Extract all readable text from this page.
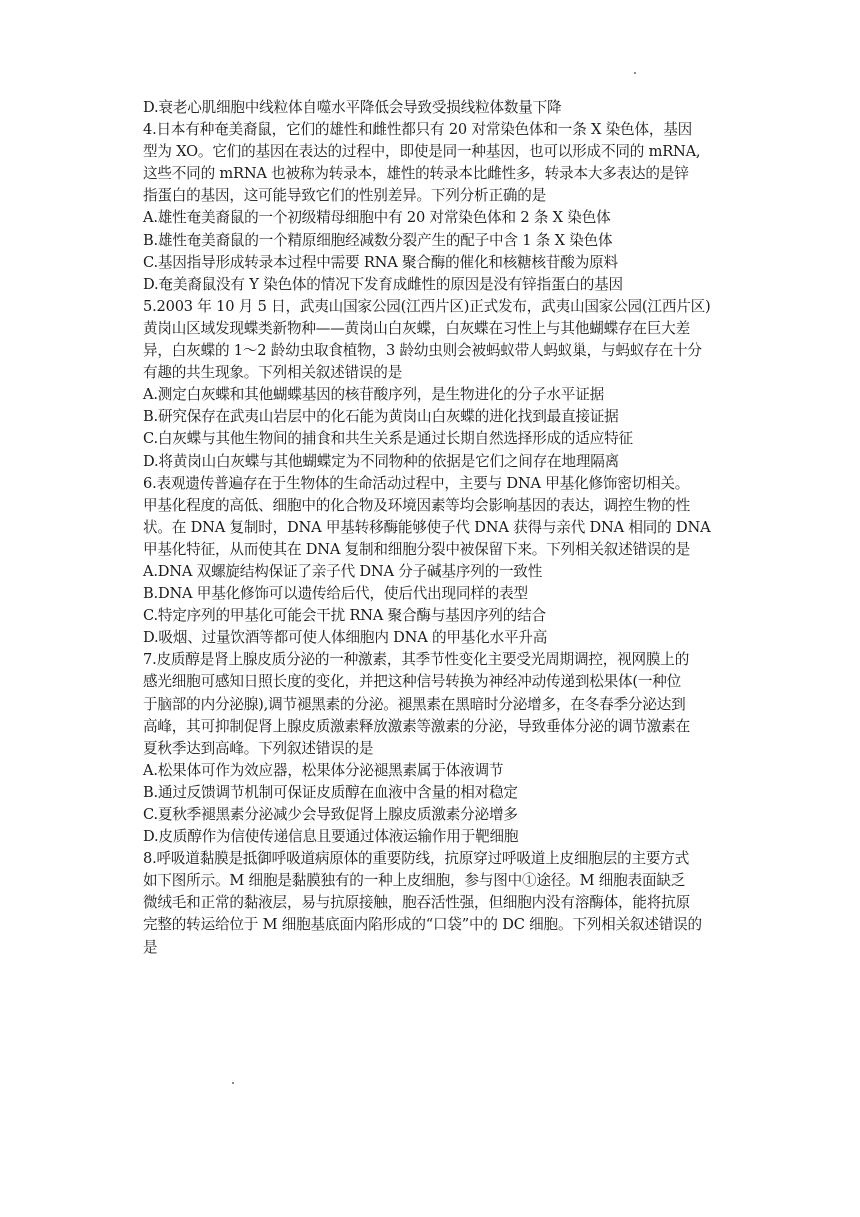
D.衰老心肌细胞中线粒体自噬水平降低会导致受损线粒体数量下降
4.日本有种奄美裔鼠，它们的雄性和雌性都只有 20 对常染色体和一条 X 染色体，基因
型为 XO。它们的基因在表达的过程中，即使是同一种基因，也可以形成不同的 mRNA,
这些不同的 mRNA 也被称为转录本，雄性的转录本比雌性多，转录本大多表达的是锌
指蛋白的基因，这可能导致它们的性别差异。下列分析正确的是
A.雄性奄美裔鼠的一个初级精母细胞中有 20 对常染色体和 2 条 X 染色体
B.雄性奄美裔鼠的一个精原细胞经减数分裂产生的配子中含 1 条 X 染色体
C.基因指导形成转录本过程中需要 RNA 聚合酶的催化和核糖核苷酸为原料
D.奄美裔鼠没有 Y 染色体的情况下发育成雌性的原因是没有锌指蛋白的基因
5.2003 年 10 月 5 日，武夷山国家公园(江西片区)正式发布，武夷山国家公园(江西片区)
黄岗山区域发现蝶类新物种——黄岗山白灰蝶，白灰蝶在习性上与其他蝴蝶存在巨大差
异，白灰蝶的 1～2 龄幼虫取食植物，3 龄幼虫则会被蚂蚁带人蚂蚁巢，与蚂蚁存在十分
有趣的共生现象。下列相关叙述错误的是
A.测定白灰蝶和其他蝴蝶基因的核苷酸序列，是生物进化的分子水平证据
B.研究保存在武夷山岩层中的化石能为黄岗山白灰蝶的进化找到最直接证据
C.白灰蝶与其他生物间的捕食和共生关系是通过长期自然选择形成的适应特征
D.将黄岗山白灰蝶与其他蝴蝶定为不同物种的依据是它们之间存在地理隔离
6.表观遗传普遍存在于生物体的生命活动过程中，主要与 DNA 甲基化修饰密切相关。
甲基化程度的高低、细胞中的化合物及环境因素等均会影响基因的表达，调控生物的性
状。在 DNA 复制时，DNA 甲基转移酶能够使子代 DNA 获得与亲代 DNA 相同的 DNA
甲基化特征，从而使其在 DNA 复制和细胞分裂中被保留下来。下列相关叙述错误的是
A.DNA 双螺旋结构保证了亲子代 DNA 分子碱基序列的一致性
B.DNA 甲基化修饰可以遗传给后代，使后代出现同样的表型
C.特定序列的甲基化可能会干扰 RNA 聚合酶与基因序列的结合
D.吸烟、过量饮酒等都可使人体细胞内 DNA 的甲基化水平升高
7.皮质醇是肾上腺皮质分泌的一种激素，其季节性变化主要受光周期调控，视网膜上的
感光细胞可感知日照长度的变化，并把这种信号转换为神经冲动传递到松果体(一种位
于脑部的内分泌腺),调节褪黑素的分泌。褪黑素在黑暗时分泌增多，在冬春季分泌达到
高峰，其可抑制促肾上腺皮质激素释放激素等激素的分泌，导致垂体分泌的调节激素在
夏秋季达到高峰。下列叙述错误的是
A.松果体可作为效应器，松果体分泌褪黑素属于体液调节
B.通过反馈调节机制可保证皮质醇在血液中含量的相对稳定
C.夏秋季褪黑素分泌减少会导致促肾上腺皮质激素分泌增多
D.皮质醇作为信使传递信息且要通过体液运输作用于靶细胞
8.呼吸道黏膜是抵御呼吸道病原体的重要防线，抗原穿过呼吸道上皮细胞层的主要方式
如下图所示。M 细胞是黏膜独有的一种上皮细胞，参与图中①途径。M 细胞表面缺乏
微绒毛和正常的黏液层，易与抗原接触，胞吞活性强，但细胞内没有溶酶体，能将抗原
完整的转运给位于 M 细胞基底面内陷形成的“口袋”中的 DC 细胞。下列相关叙述错误的
是
